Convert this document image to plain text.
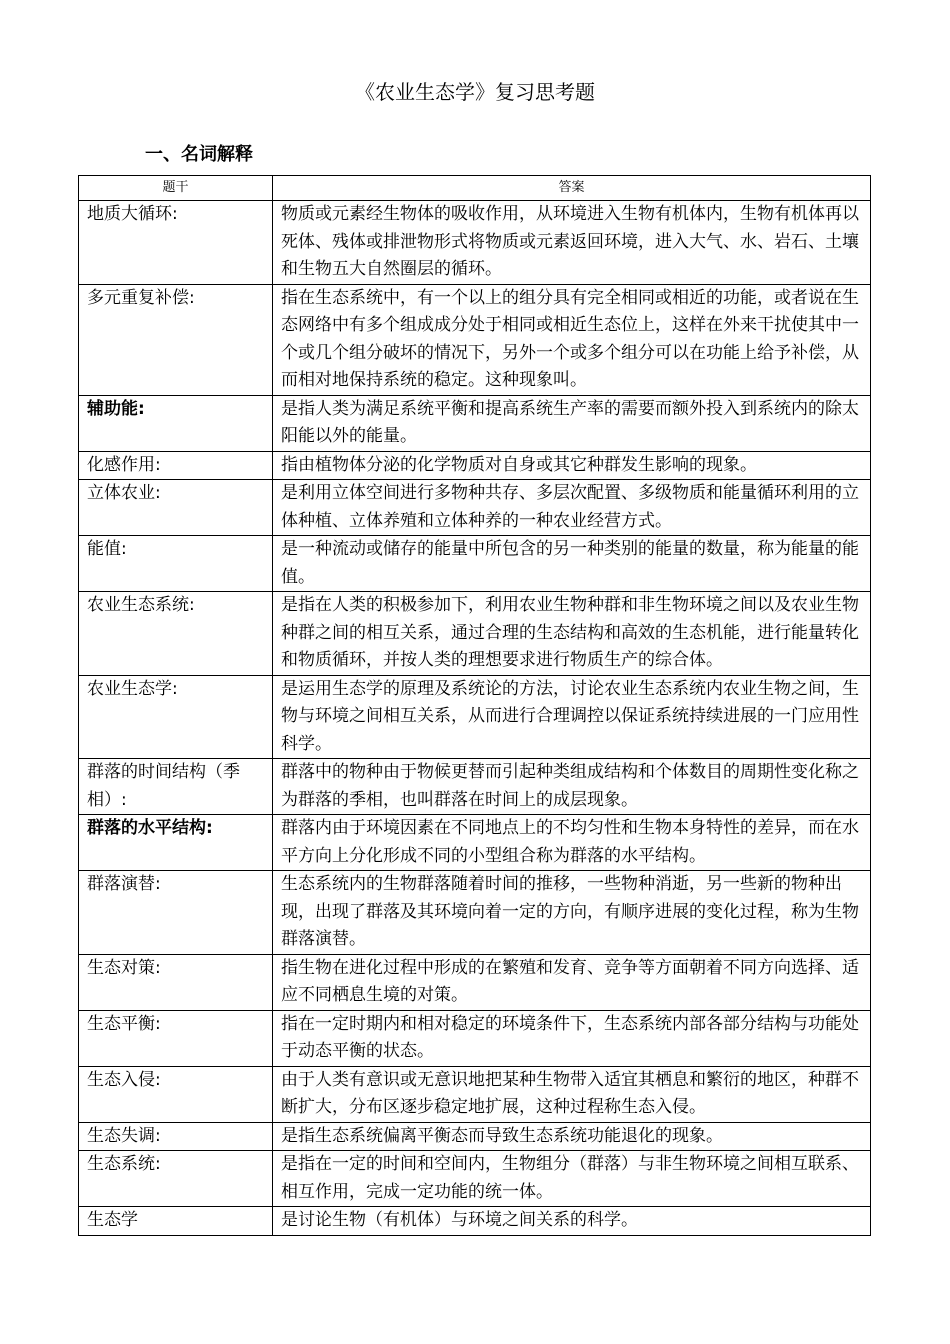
《农业生态学》复习思考题
一、名词解释
题干	答案
地质大循环:	物质或元素经生物体的吸收作用，从环境进入生物有机体内，生物有机体再以死体、残体或排泄物形式将物质或元素返回环境，进入大气、水、岩石、土壤和生物五大自然圈层的循环。
多元重复补偿:	指在生态系统中，有一个以上的组分具有完全相同或相近的功能，或者说在生态网络中有多个组成成分处于相同或相近生态位上，这样在外来干扰使其中一个或几个组分破坏的情况下，另外一个或多个组分可以在功能上给予补偿，从而相对地保持系统的稳定。这种现象叫。
辅助能:	是指人类为满足系统平衡和提高系统生产率的需要而额外投入到系统内的除太阳能以外的能量。
化感作用:	指由植物体分泌的化学物质对自身或其它种群发生影响的现象。
立体农业:	是利用立体空间进行多物种共存、多层次配置、多级物质和能量循环利用的立体种植、立体养殖和立体种养的一种农业经营方式。
能值:	是一种流动或储存的能量中所包含的另一种类别的能量的数量，称为能量的能值。
农业生态系统:	是指在人类的积极参加下，利用农业生物种群和非生物环境之间以及农业生物种群之间的相互关系，通过合理的生态结构和高效的生态机能，进行能量转化和物质循环，并按人类的理想要求进行物质生产的综合体。
农业生态学:	是运用生态学的原理及系统论的方法，讨论农业生态系统内农业生物之间，生物与环境之间相互关系，从而进行合理调控以保证系统持续进展的一门应用性科学。
群落的时间结构（季相）:	群落中的物种由于物候更替而引起种类组成结构和个体数目的周期性变化称之为群落的季相，也叫群落在时间上的成层现象。
群落的水平结构:	群落内由于环境因素在不同地点上的不均匀性和生物本身特性的差异，而在水平方向上分化形成不同的小型组合称为群落的水平结构。
群落演替:	生态系统内的生物群落随着时间的推移，一些物种消逝，另一些新的物种出现，出现了群落及其环境向着一定的方向，有顺序进展的变化过程，称为生物群落演替。
生态对策:	指生物在进化过程中形成的在繁殖和发育、竞争等方面朝着不同方向选择、适应不同栖息生境的对策。
生态平衡:	指在一定时期内和相对稳定的环境条件下，生态系统内部各部分结构与功能处于动态平衡的状态。
生态入侵:	由于人类有意识或无意识地把某种生物带入适宜其栖息和繁衍的地区，种群不断扩大，分布区逐步稳定地扩展，这种过程称生态入侵。
生态失调:	是指生态系统偏离平衡态而导致生态系统功能退化的现象。
生态系统:	是指在一定的时间和空间内，生物组分（群落）与非生物环境之间相互联系、相互作用，完成一定功能的统一体。
生态学	是讨论生物（有机体）与环境之间关系的科学。
